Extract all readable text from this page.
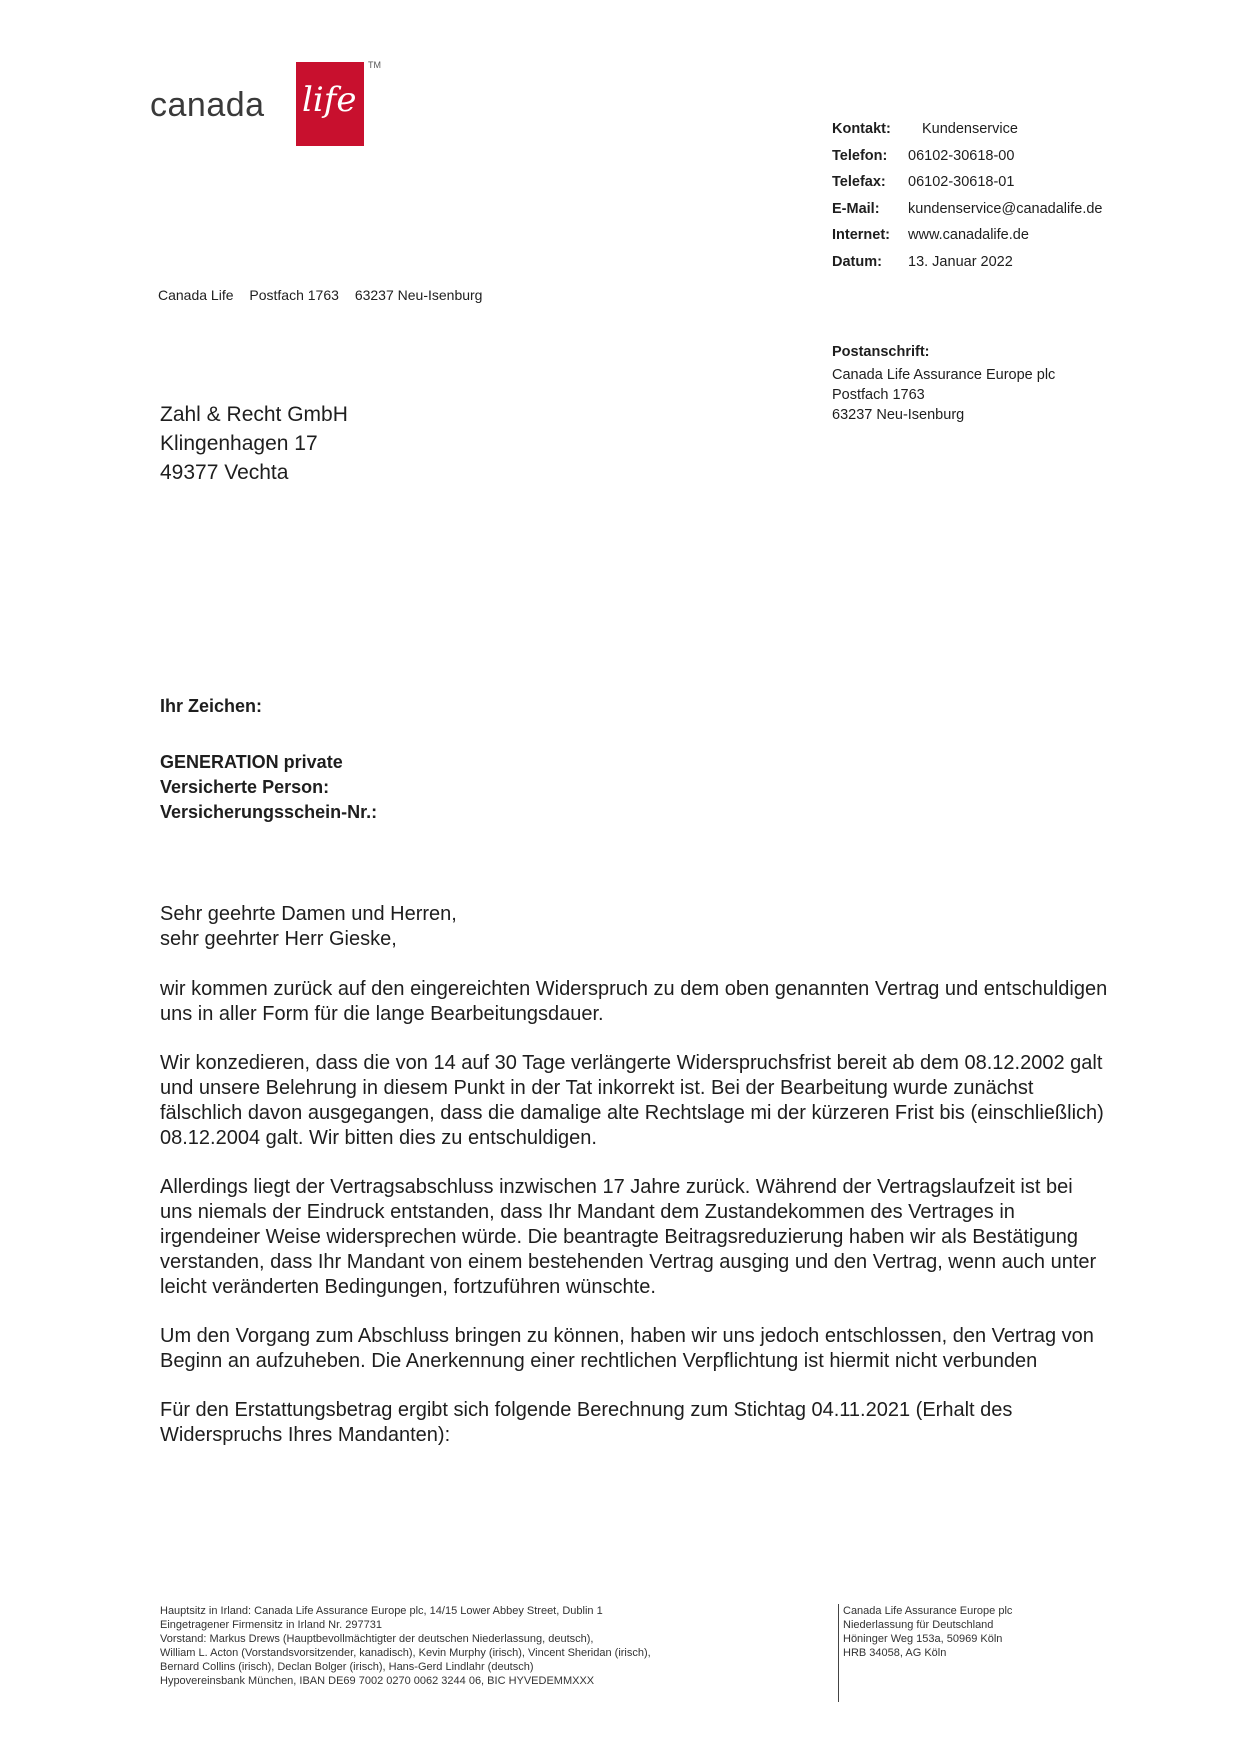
canada life
TM
Kontakt: Kundenservice
Telefon: 06102-30618-00
Telefax: 06102-30618-01
E-Mail: kundenservice@canadalife.de
Internet: www.canadalife.de
Datum: 13. Januar 2022
Postanschrift:
Canada Life Assurance Europe plc
Postfach 1763
63237 Neu-Isenburg
Canada Life Postfach 1763 63237 Neu-Isenburg
Zahl & Recht GmbH
Klingenhagen 17
49377 Vechta
Ihr Zeichen:
GENERATION private
Versicherte Person:
Versicherungsschein-Nr.:

Sehr geehrte Damen und Herren,

sehr geehrter Herr Gieske,

wir kommen zurück auf den eingereichten Widerspruch zu dem oben genannten Vertrag und entschuldigen uns in aller Form für die lange Bearbeitungsdauer.

Wir konzedieren, dass die von 14 auf 30 Tage verlängerte Widerspruchsfrist bereit ab dem 08.12.2002 galt und unsere Belehrung in diesem Punkt in der Tat inkorrekt ist. Bei der Bearbeitung wurde zunächst fälschlich davon ausgegangen, dass die damalige alte Rechtslage mi der kürzeren Frist bis (einschließlich) 08.12.2004 galt. Wir bitten dies zu entschuldigen.

Allerdings liegt der Vertragsabschluss inzwischen 17 Jahre zurück. Während der Vertragslaufzeit ist bei uns niemals der Eindruck entstanden, dass Ihr Mandant dem Zustandekommen des Vertrages in irgendeiner Weise widersprechen würde. Die beantragte Beitragsreduzierung haben wir als Bestätigung verstanden, dass Ihr Mandant von einem bestehenden Vertrag ausging und den Vertrag, wenn auch unter leicht veränderten Bedingungen, fortzuführen wünschte.

Um den Vorgang zum Abschluss bringen zu können, haben wir uns jedoch entschlossen, den Vertrag von Beginn an aufzuheben. Die Anerkennung einer rechtlichen Verpflichtung ist hiermit nicht verbunden

Für den Erstattungsbetrag ergibt sich folgende Berechnung zum Stichtag 04.11.2021 (Erhalt des Widerspruchs Ihres Mandanten):

Hauptsitz in Irland: Canada Life Assurance Europe plc, 14/15 Lower Abbey Street, Dublin 1
Eingetragener Firmensitz in Irland Nr. 297731
Vorstand: Markus Drews (Hauptbevollmächtigter der deutschen Niederlassung, deutsch),
William L. Acton (Vorstandsvorsitzender, kanadisch), Kevin Murphy (irisch), Vincent Sheridan (irisch),
Bernard Collins (irisch), Declan Bolger (irisch), Hans-Gerd Lindlahr (deutsch)
Hypovereinsbank München, IBAN DE69 7002 0270 0062 3244 06, BIC HYVEDEMMXXX
Canada Life Assurance Europe plc
Niederlassung für Deutschland
Höninger Weg 153a, 50969 Köln
HRB 34058, AG Köln
